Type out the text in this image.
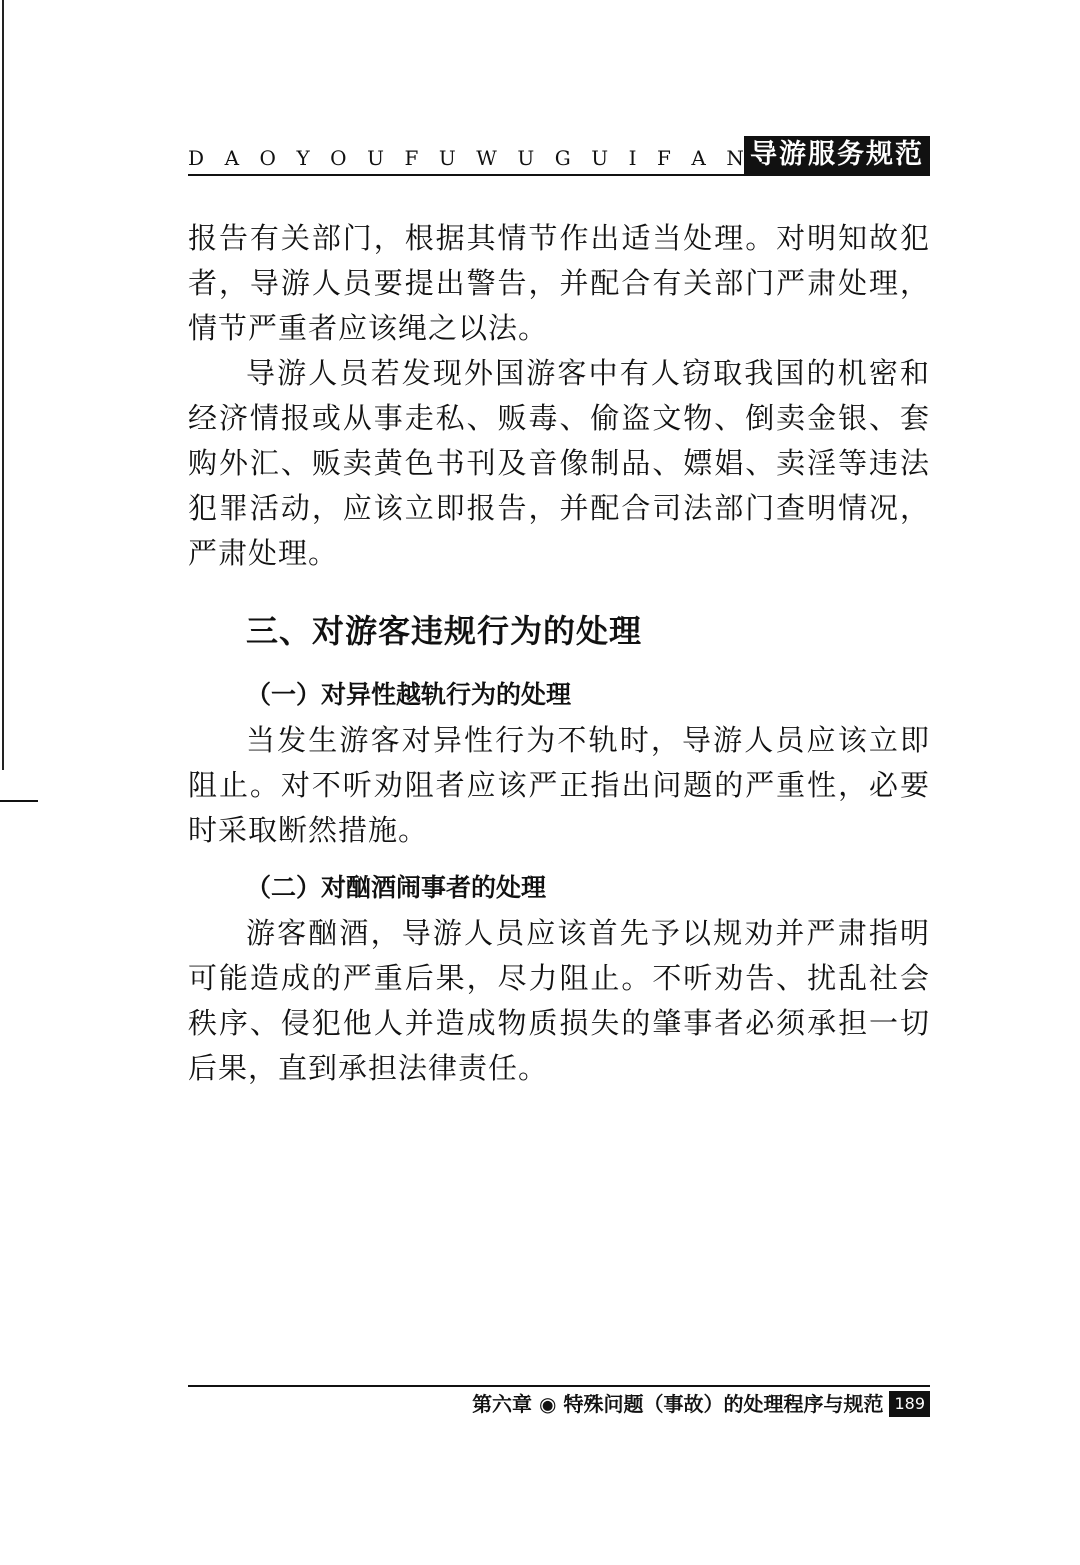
D A O Y O U F U W U G U I F A N 导游服务规范

报告有关部门，根据其情节作出适当处理。对明知故犯者，导游人员要提出警告，并配合有关部门严肃处理，情节严重者应该绳之以法。

导游人员若发现外国游客中有人窃取我国的机密和经济情报或从事走私、贩毒、偷盗文物、倒卖金银、套购外汇、贩卖黄色书刊及音像制品、嫖娼、卖淫等违法犯罪活动，应该立即报告，并配合司法部门查明情况，严肃处理。

三、对游客违规行为的处理
（一）对异性越轨行为的处理

当发生游客对异性行为不轨时，导游人员应该立即阻止。对不听劝阻者应该严正指出问题的严重性，必要时采取断然措施。

（二）对酗酒闹事者的处理

游客酗酒，导游人员应该首先予以规劝并严肃指明可能造成的严重后果，尽力阻止。不听劝告、扰乱社会秩序、侵犯他人并造成物质损失的肇事者必须承担一切后果，直到承担法律责任。

第六章 ◉ 特殊问题（事故）的处理程序与规范 189
